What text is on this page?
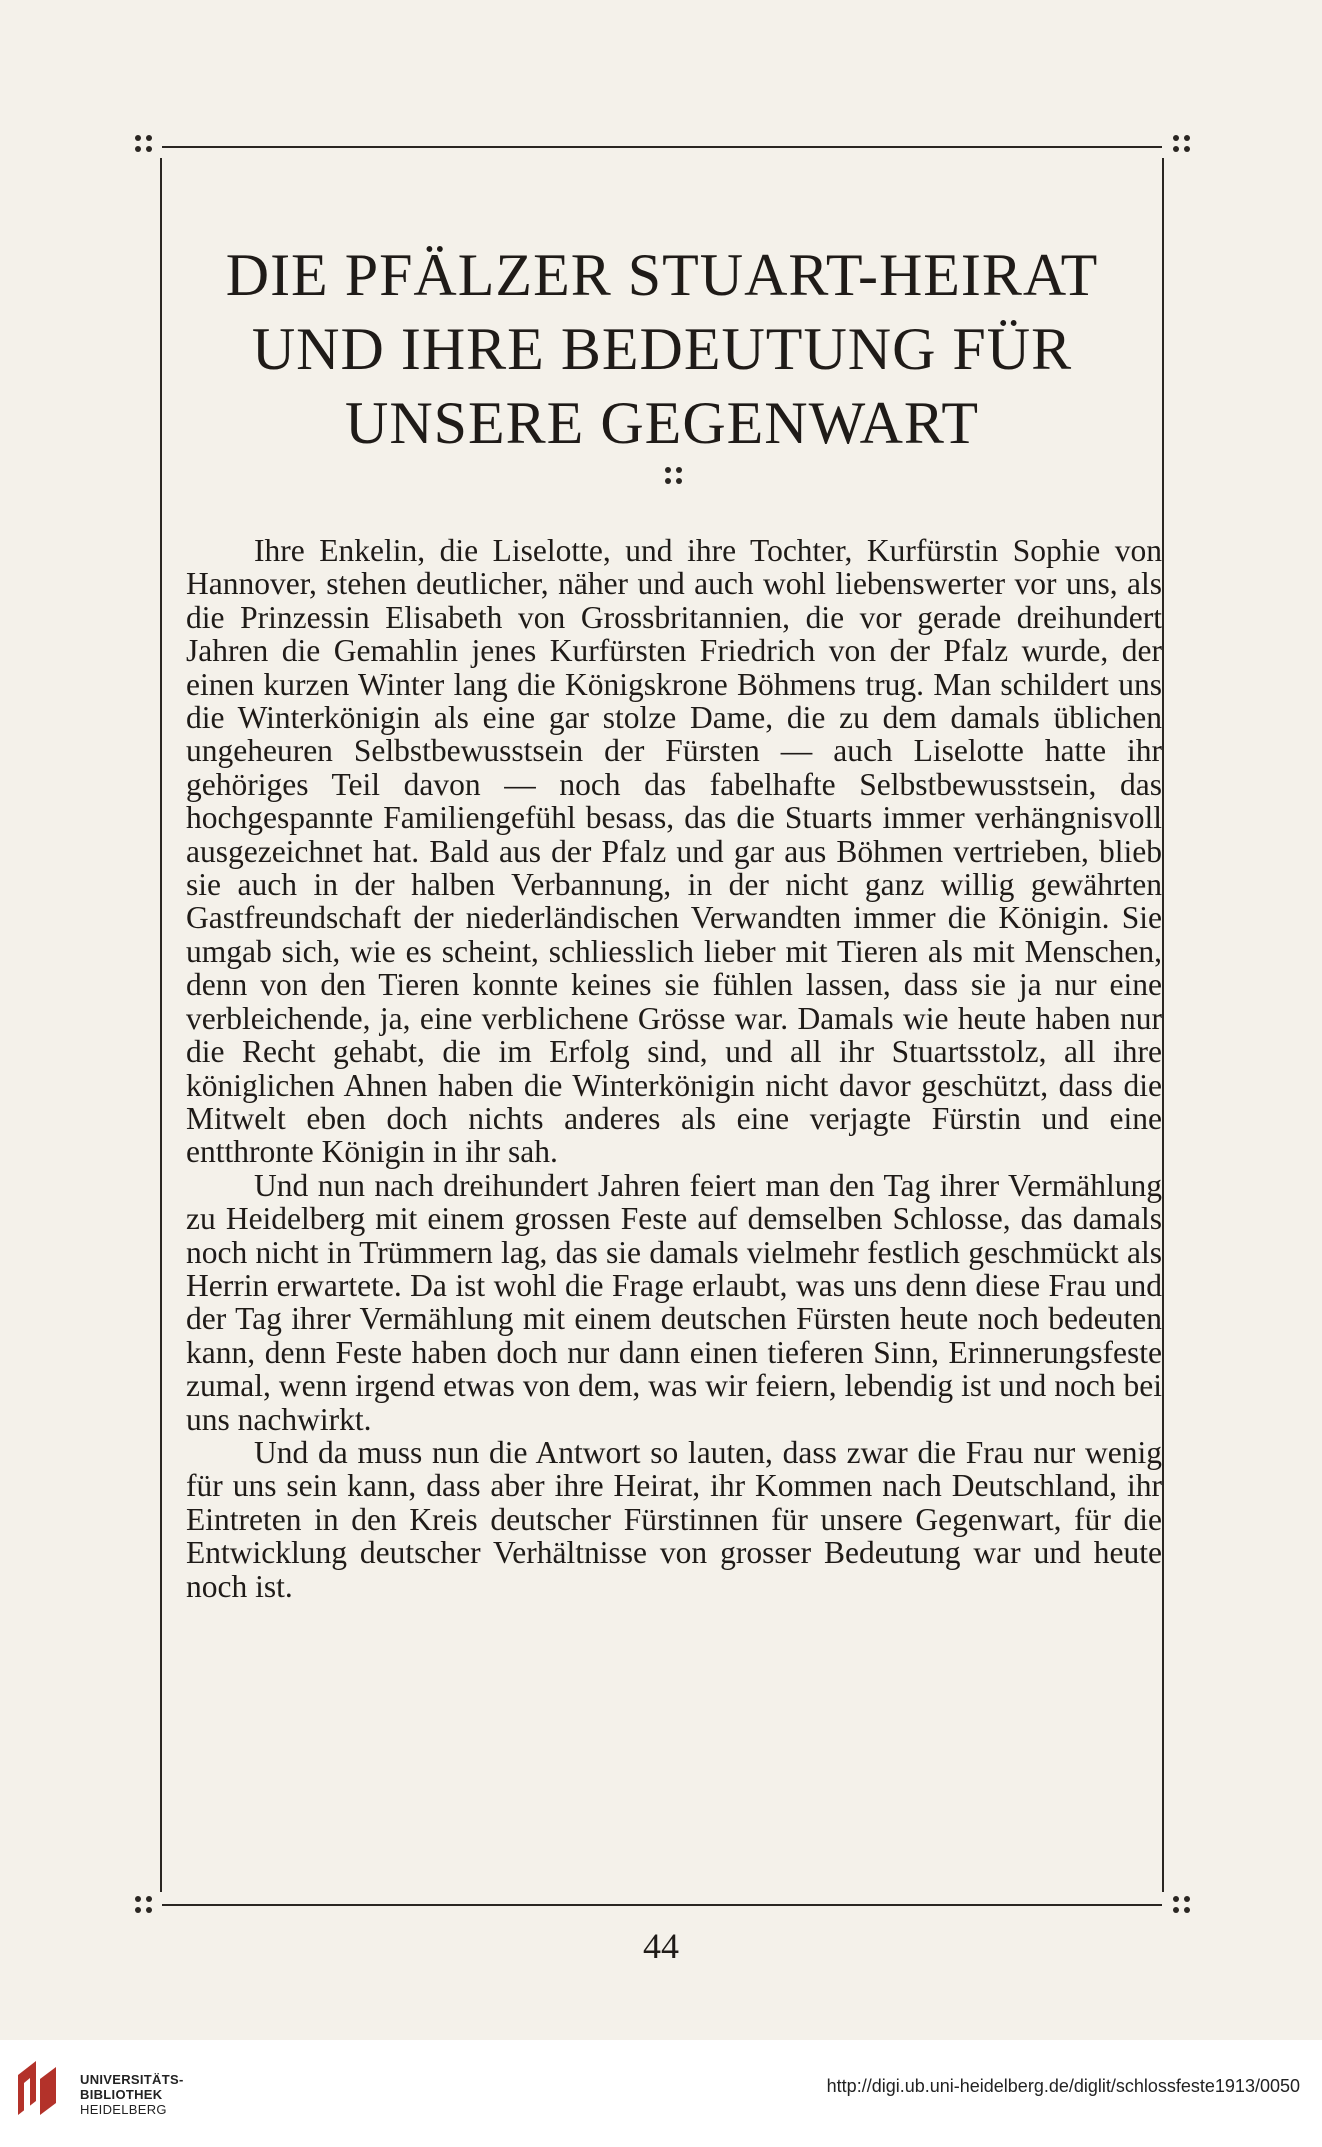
DIE PFÄLZER STUART-HEIRAT
UND IHRE BEDEUTUNG FÜR
UNSERE GEGENWART

Ihre Enkelin, die Liselotte, und ihre Tochter, Kurfürstin Sophie von Hannover, stehen deutlicher, näher und auch wohl liebenswerter vor uns, als die Prinzessin Elisabeth von Grossbritannien, die vor gerade dreihundert Jahren die Gemahlin jenes Kurfürsten Friedrich von der Pfalz wurde, der einen kurzen Winter lang die Königskrone Böhmens trug. Man schildert uns die Winterkönigin als eine gar stolze Dame, die zu dem damals üblichen ungeheuren Selbstbewusstsein der Fürsten — auch Liselotte hatte ihr gehöriges Teil davon — noch das fabelhafte Selbstbewusstsein, das hochgespannte Familiengefühl besass, das die Stuarts immer verhängnisvoll ausgezeichnet hat. Bald aus der Pfalz und gar aus Böhmen vertrieben, blieb sie auch in der halben Verbannung, in der nicht ganz willig gewährten Gastfreundschaft der niederländischen Verwandten immer die Königin. Sie umgab sich, wie es scheint, schliesslich lieber mit Tieren als mit Menschen, denn von den Tieren konnte keines sie fühlen lassen, dass sie ja nur eine verbleichende, ja, eine verblichene Grösse war. Damals wie heute haben nur die Recht gehabt, die im Erfolg sind, und all ihr Stuartsstolz, all ihre königlichen Ahnen haben die Winterkönigin nicht davor geschützt, dass die Mitwelt eben doch nichts anderes als eine verjagte Fürstin und eine entthronte Königin in ihr sah.

Und nun nach dreihundert Jahren feiert man den Tag ihrer Vermählung zu Heidelberg mit einem grossen Feste auf demselben Schlosse, das damals noch nicht in Trümmern lag, das sie damals vielmehr festlich geschmückt als Herrin erwartete. Da ist wohl die Frage erlaubt, was uns denn diese Frau und der Tag ihrer Vermählung mit einem deutschen Fürsten heute noch bedeuten kann, denn Feste haben doch nur dann einen tieferen Sinn, Erinnerungsfeste zumal, wenn irgend etwas von dem, was wir feiern, lebendig ist und noch bei uns nachwirkt.

Und da muss nun die Antwort so lauten, dass zwar die Frau nur wenig für uns sein kann, dass aber ihre Heirat, ihr Kommen nach Deutschland, ihr Eintreten in den Kreis deutscher Fürstinnen für unsere Gegenwart, für die Entwicklung deutscher Verhältnisse von grosser Bedeutung war und heute noch ist.

44
UNIVERSITÄTS-
BIBLIOTHEK
HEIDELBERG
http://digi.ub.uni-heidelberg.de/diglit/schlossfeste1913/0050
